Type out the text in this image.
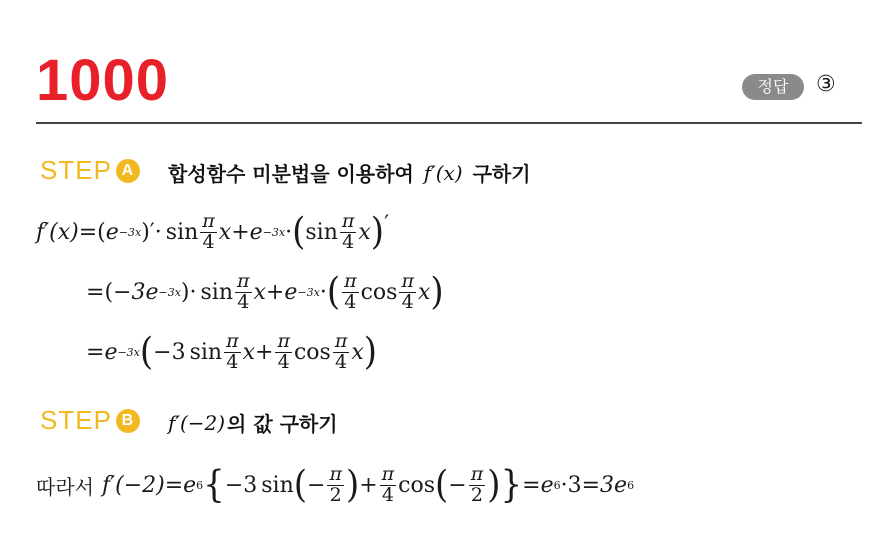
1000	정답	③
STEP A 합성함수 미분법을 이용하여 f′(x) 구하기
f′(x) = ( e −3x ) ′ · $\sin \frac{\pi}{4}$ x + e −3x · ( $\sin \frac{\pi}{4}$ x ) ′
= ( −3e −3x ) · $\sin \frac{\pi}{4}$ x + e −3x · ( $\frac{\pi}{4}$ $\cos \frac{\pi}{4}$ x )
= e −3x ( −3 $\sin \frac{\pi}{4}$ $x + \frac{\pi}{4}$ $\cos \frac{\pi}{4}$ x )
STEP B f′(−2) 의 값 구하기
따라서 f′(−2) = e 6 { −3 sin ( − $\frac{\pi}{2}$ ) + $\frac{\pi}{4}$ cos ( − $\frac{\pi}{2}$ ) } = e 6 · 3 = 3e 6
